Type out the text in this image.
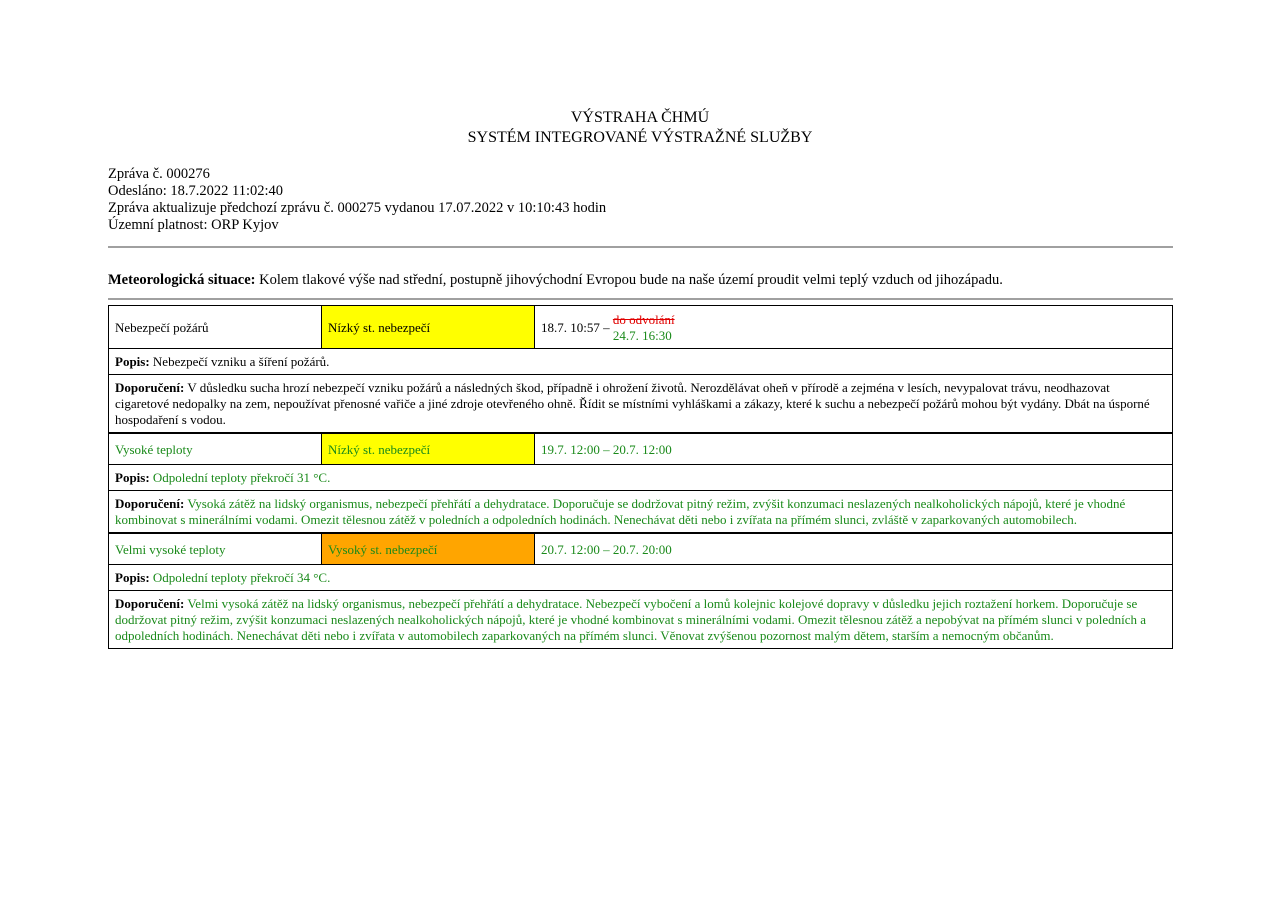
VÝSTRAHA ČHMÚ
SYSTÉM INTEGROVANÉ VÝSTRAŽNÉ SLUŽBY
Zpráva č. 000276
Odesláno: 18.7.2022 11:02:40
Zpráva aktualizuje předchozí zprávu č. 000275 vydanou 17.07.2022 v 10:10:43 hodin
Územní platnost: ORP Kyjov
Meteorologická situace: Kolem tlakové výše nad střední, postupně jihovýchodní Evropou bude na naše území proudit velmi teplý vzduch od jihozápadu.
Nebezpečí požárů	Nízký st. nebezpečí	18.7. 10:57 –
do odvolání
24.7. 16:30

Popis: Nebezpečí vzniku a šíření požárů.		
Doporučení: V důsledku sucha hrozí nebezpečí vzniku požárů a následných škod, případně i ohrožení životů. Nerozdělávat oheň v přírodě a zejména v lesích, nevypalovat trávu, neodhazovat cigaretové nedopalky na zem, nepoužívat přenosné vařiče a jiné zdroje otevřeného ohně. Řídit se místními vyhláškami a zákazy, které k suchu a nebezpečí požárů mohou být vydány. Dbát na úsporné hospodaření s vodou.		
Vysoké teploty	Nízký st. nebezpečí	19.7. 12:00 – 20.7. 12:00
Popis: Odpolední teploty překročí 31 °C.		
Doporučení: Vysoká zátěž na lidský organismus, nebezpečí přehřátí a dehydratace. Doporučuje se dodržovat pitný režim, zvýšit konzumaci neslazených nealkoholických nápojů, které je vhodné kombinovat s minerálními vodami. Omezit tělesnou zátěž v poledních a odpoledních hodinách. Nenechávat děti nebo i zvířata na přímém slunci, zvláště v zaparkovaných automobilech.		
Velmi vysoké teploty	Vysoký st. nebezpečí	20.7. 12:00 – 20.7. 20:00
Popis: Odpolední teploty překročí 34 °C.		
Doporučení: Velmi vysoká zátěž na lidský organismus, nebezpečí přehřátí a dehydratace. Nebezpečí vybočení a lomů kolejnic kolejové dopravy v důsledku jejich roztažení horkem. Doporučuje se dodržovat pitný režim, zvýšit konzumaci neslazených nealkoholických nápojů, které je vhodné kombinovat s minerálními vodami. Omezit tělesnou zátěž a nepobývat na přímém slunci v poledních a odpoledních hodinách. Nenechávat děti nebo i zvířata v automobilech zaparkovaných na přímém slunci. Věnovat zvýšenou pozornost malým dětem, starším a nemocným občanům.		
